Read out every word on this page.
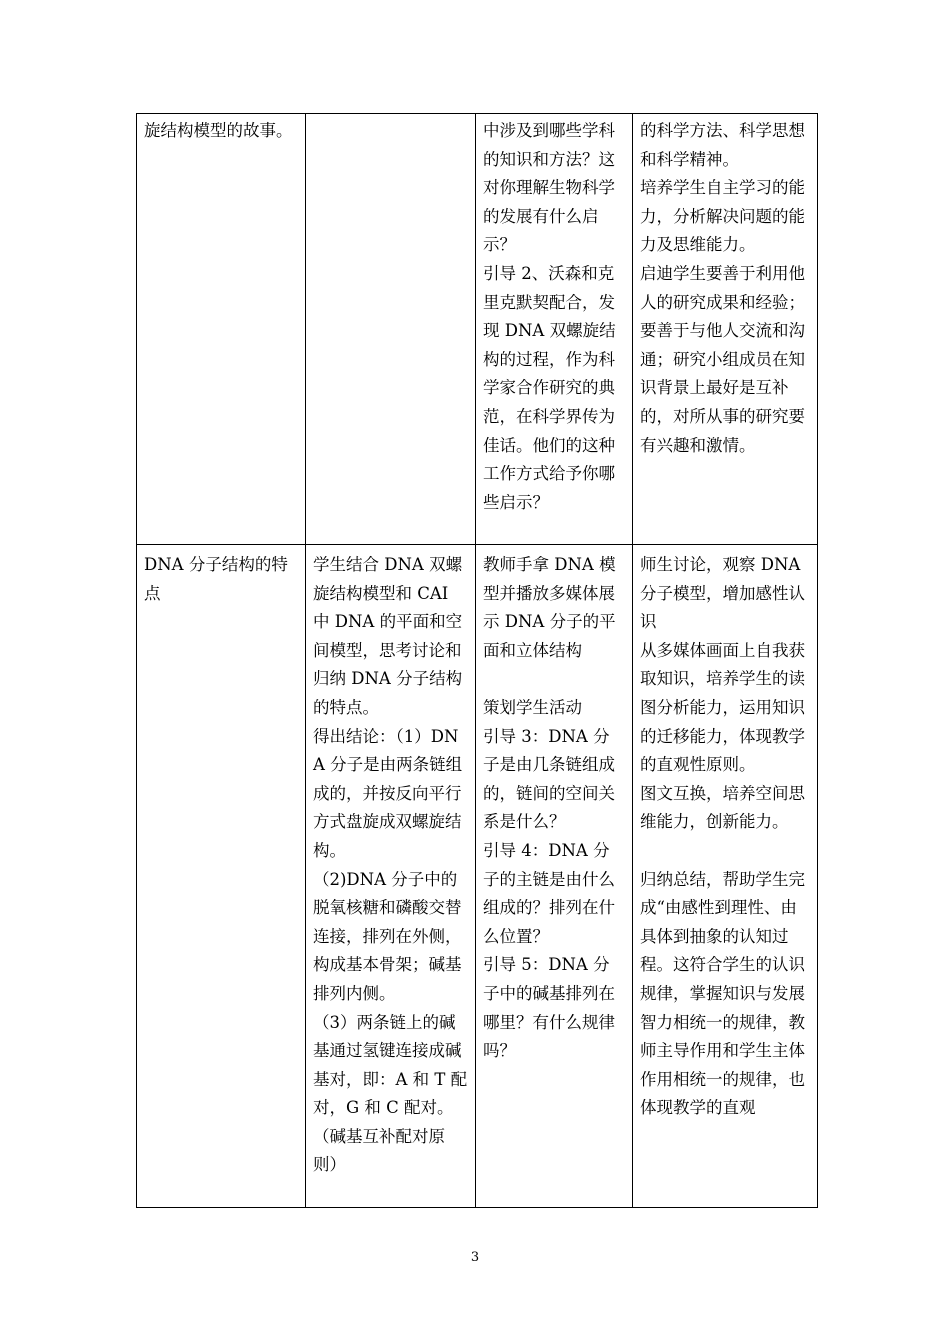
旋结构模型的故事。		中涉及到哪些学科的知识和方法？这对你理解生物科学的发展有什么启示？
引导 2、沃森和克里克默契配合，发现 DNA 双螺旋结构的过程，作为科学家合作研究的典范，在科学界传为佳话。他们的这种工作方式给予你哪些启示？	的科学方法、科学思想和科学精神。
培养学生自主学习的能力，分析解决问题的能力及思维能力。
启迪学生要善于利用他人的研究成果和经验；要善于与他人交流和沟通；研究小组成员在知识背景上最好是互补的，对所从事的研究要有兴趣和激情。

DNA 分子结构的特点	学生结合 DNA 双螺旋结构模型和 CAI 中 DNA 的平面和空间模型，思考讨论和归纳 DNA 分子结构的特点。
得出结论：（1）DNA 分子是由两条链组成的，并按反向平行方式盘旋成双螺旋结构。
（2)DNA 分子中的脱氧核糖和磷酸交替连接，排列在外侧，构成基本骨架；碱基排列内侧。
（3）两条链上的碱基通过氢键连接成碱基对，即：A 和 T 配对，G 和 C 配对。（碱基互补配对原则）	教师手拿 DNA 模型并播放多媒体展示 DNA 分子的平面和立体结构
策划学生活动
引导 3：DNA 分子是由几条链组成的，链间的空间关系是什么？
引导 4：DNA 分子的主链是由什么组成的？排列在什么位置？
引导 5：DNA 分子中的碱基排列在哪里？有什么规律吗？	师生讨论，观察 DNA 分子模型，增加感性认识
从多媒体画面上自我获取知识，培养学生的读图分析能力，运用知识的迁移能力，体现教学的直观性原则。
图文互换，培养空间思维能力，创新能力。
归纳总结，帮助学生完成“由感性到理性、由具体到抽象的认知过程。这符合学生的认识规律，掌握知识与发展智力相统一的规律，教师主导作用和学生主体作用相统一的规律，也体现教学的直观
3
